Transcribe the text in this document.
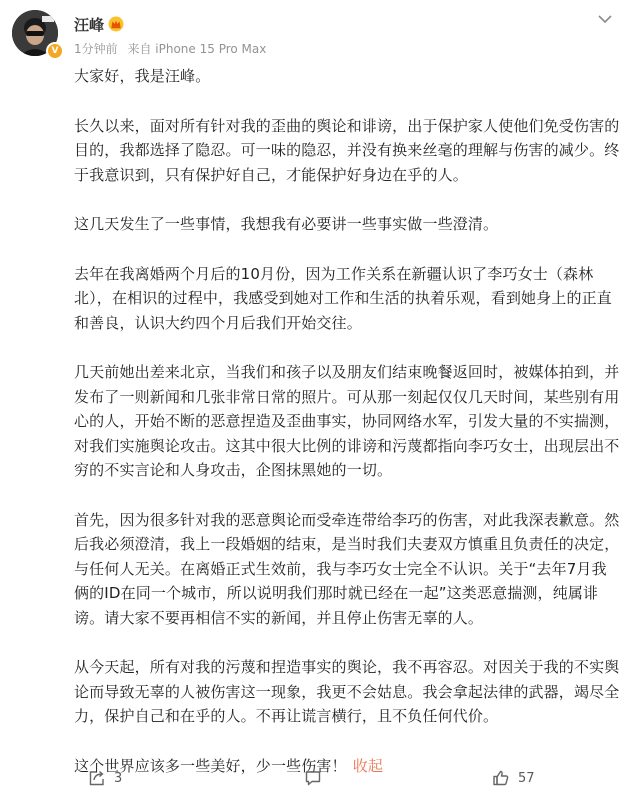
V
汪峰
1分钟前 来自 iPhone 15 Pro Max

大家好，我是汪峰。

长久以来，面对所有针对我的歪曲的舆论和诽谤，出于保护家人使他们免受伤害的目的，我都选择了隐忍。可一味的隐忍，并没有换来丝毫的理解与伤害的减少。终于我意识到，只有保护好自己，才能保护好身边在乎的人。

这几天发生了一些事情，我想我有必要讲一些事实做一些澄清。

去年在我离婚两个月后的10月份，因为工作关系在新疆认识了李巧女士（森林北），在相识的过程中，我感受到她对工作和生活的执着乐观，看到她身上的正直和善良，认识大约四个月后我们开始交往。

几天前她出差来北京，当我们和孩子以及朋友们结束晚餐返回时，被媒体拍到，并发布了一则新闻和几张非常日常的照片。可从那一刻起仅仅几天时间，某些别有用心的人，开始不断的恶意捏造及歪曲事实，协同网络水军，引发大量的不实揣测，对我们实施舆论攻击。这其中很大比例的诽谤和污蔑都指向李巧女士，出现层出不穷的不实言论和人身攻击，企图抹黑她的一切。

首先，因为很多针对我的恶意舆论而受牵连带给李巧的伤害，对此我深表歉意。然后我必须澄清，我上一段婚姻的结束，是当时我们夫妻双方慎重且负责任的决定，与任何人无关。在离婚正式生效前，我与李巧女士完全不认识。关于“去年7月我俩的ID在同一个城市，所以说明我们那时就已经在一起”这类恶意揣测，纯属诽谤。请大家不要再相信不实的新闻，并且停止伤害无辜的人。

从今天起，所有对我的污蔑和捏造事实的舆论，我不再容忍。对因关于我的不实舆论而导致无辜的人被伤害这一现象，我更不会姑息。我会拿起法律的武器，竭尽全力，保护自己和在乎的人。不再让谎言横行，且不负任何代价。

这个世界应该多一些美好，少一些伤害！ 收起

3	57
